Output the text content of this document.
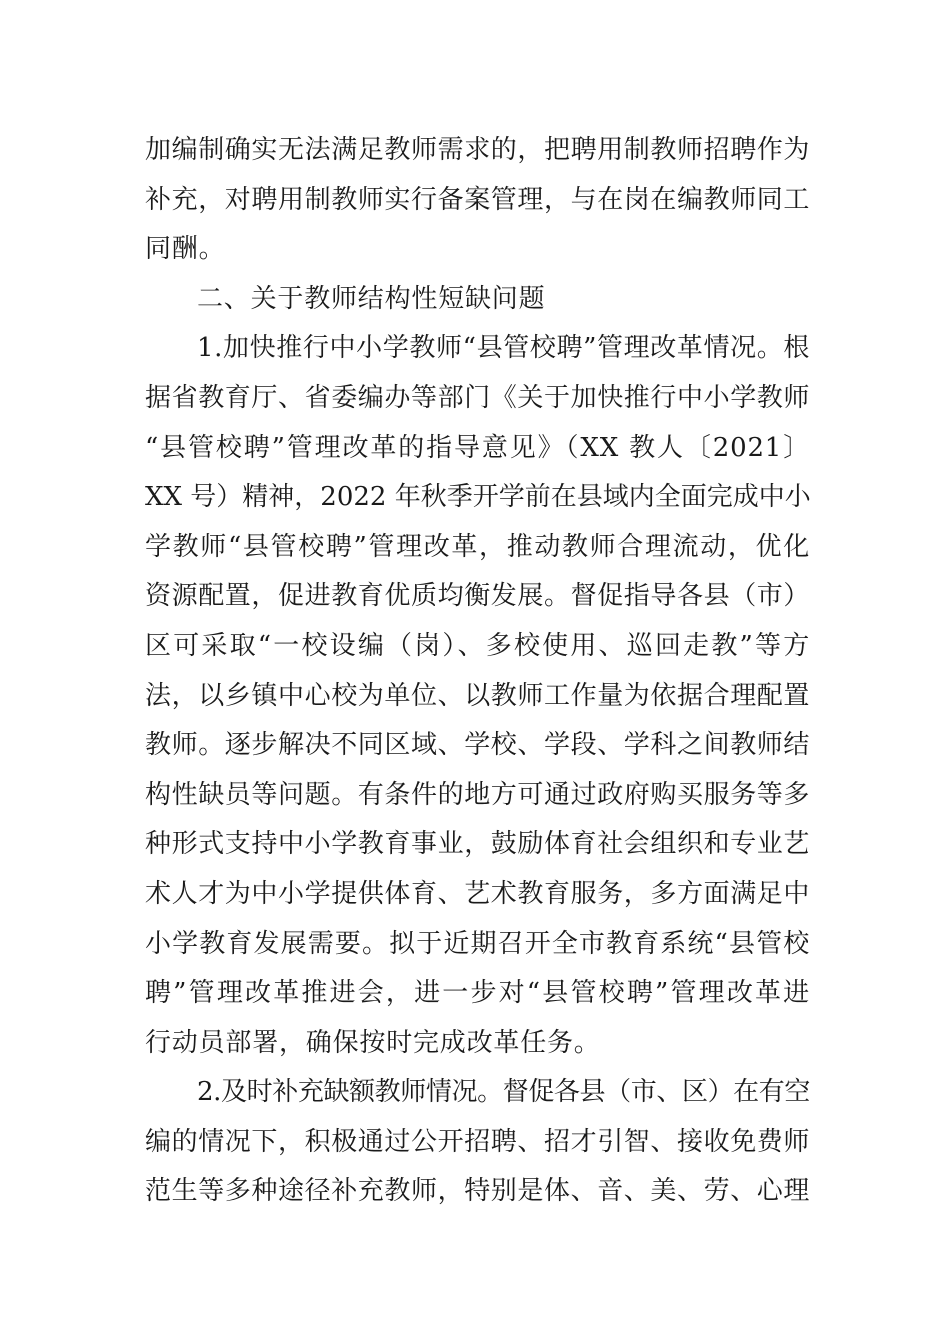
加编制确实无法满足教师需求的，把聘用制教师招聘作为
补充，对聘用制教师实行备案管理，与在岗在编教师同工
同酬。
二、关于教师结构性短缺问题
1.加快推行中小学教师“县管校聘”管理改革情况。根
据省教育厅、省委编办等部门《关于加快推行中小学教师
“县管校聘”管理改革的指导意见》（XX 教人〔2021〕
XX 号）精神，2022 年秋季开学前在县域内全面完成中小
学教师“县管校聘”管理改革，推动教师合理流动，优化
资源配置，促进教育优质均衡发展。督促指导各县（市）
区可采取“一校设编（岗）、多校使用、巡回走教”等方
法，以乡镇中心校为单位、以教师工作量为依据合理配置
教师。逐步解决不同区域、学校、学段、学科之间教师结
构性缺员等问题。有条件的地方可通过政府购买服务等多
种形式支持中小学教育事业，鼓励体育社会组织和专业艺
术人才为中小学提供体育、艺术教育服务，多方面满足中
小学教育发展需要。拟于近期召开全市教育系统“县管校
聘”管理改革推进会，进一步对“县管校聘”管理改革进
行动员部署，确保按时完成改革任务。
2.及时补充缺额教师情况。督促各县（市、区）在有空
编的情况下，积极通过公开招聘、招才引智、接收免费师
范生等多种途径补充教师，特别是体、音、美、劳、心理
